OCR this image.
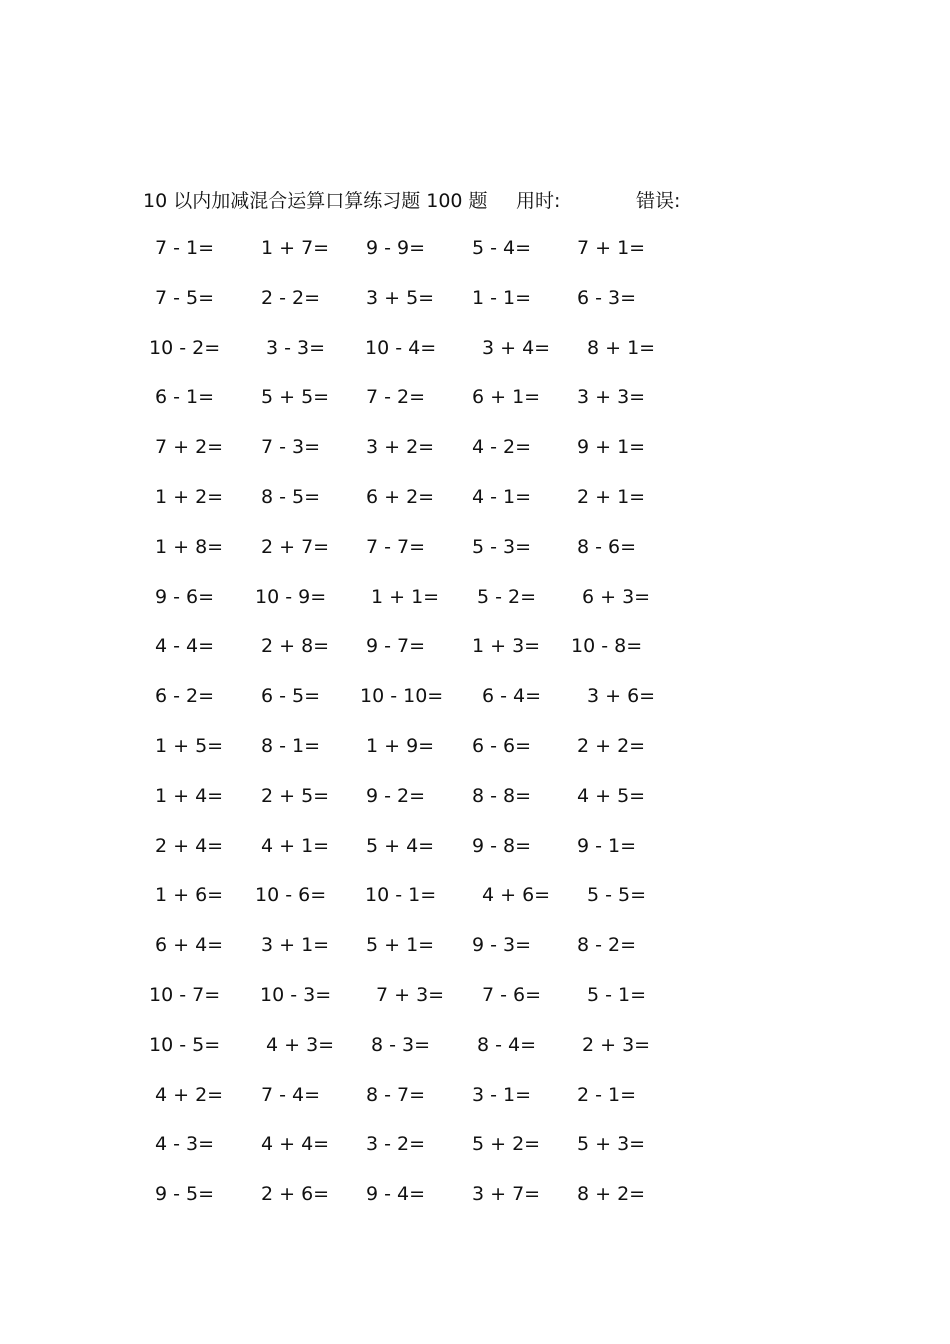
10 以内加减混合运算口算练习题 100 题 用时:	错误:
7 - 1= 1 + 7= 9 - 9= 5 - 4= 7 + 1=
7 - 5= 2 - 2= 3 + 5= 1 - 1= 6 - 3=
10 - 2= 3 - 3= 10 - 4= 3 + 4= 8 + 1=
6 - 1= 5 + 5= 7 - 2= 6 + 1= 3 + 3=
7 + 2= 7 - 3= 3 + 2= 4 - 2= 9 + 1=
1 + 2= 8 - 5= 6 + 2= 4 - 1= 2 + 1=
1 + 8= 2 + 7= 7 - 7= 5 - 3= 8 - 6=
9 - 6= 10 - 9= 1 + 1= 5 - 2= 6 + 3=
4 - 4= 2 + 8= 9 - 7= 1 + 3= 10 - 8=
6 - 2= 6 - 5= 10 - 10= 6 - 4= 3 + 6=
1 + 5= 8 - 1= 1 + 9= 6 - 6= 2 + 2=
1 + 4= 2 + 5= 9 - 2= 8 - 8= 4 + 5=
2 + 4= 4 + 1= 5 + 4= 9 - 8= 9 - 1=
1 + 6= 10 - 6= 10 - 1= 4 + 6= 5 - 5=
6 + 4= 3 + 1= 5 + 1= 9 - 3= 8 - 2=
10 - 7= 10 - 3= 7 + 3= 7 - 6= 5 - 1=
10 - 5= 4 + 3= 8 - 3= 8 - 4= 2 + 3=
4 + 2= 7 - 4= 8 - 7= 3 - 1= 2 - 1=
4 - 3= 4 + 4= 3 - 2= 5 + 2= 5 + 3=
9 - 5= 2 + 6= 9 - 4= 3 + 7= 8 + 2=
